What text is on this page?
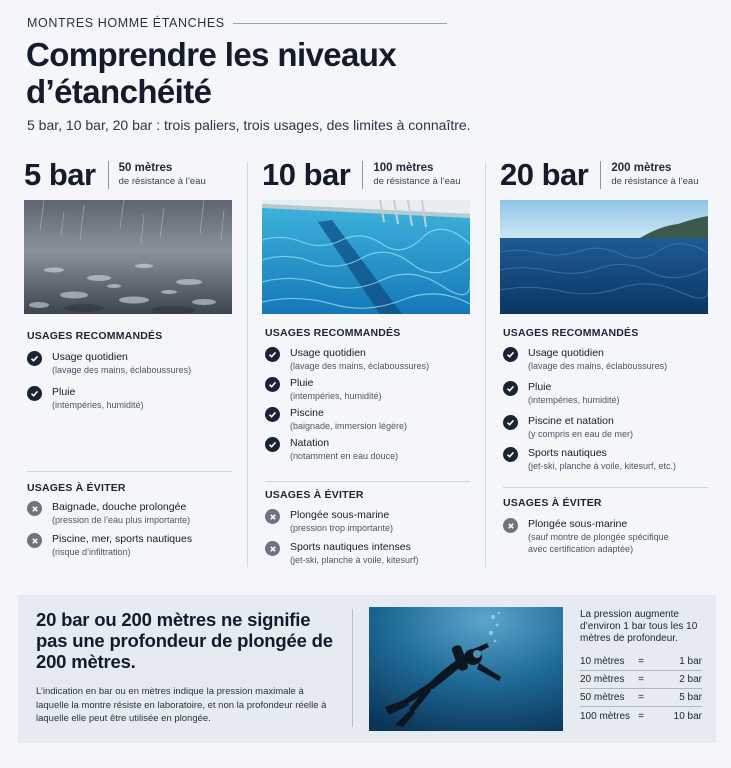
MONTRES HOMME ÉTANCHES
Comprendre les niveaux d’étanchéité
5 bar, 10 bar, 20 bar : trois paliers, trois usages, des limites à connaître.
5 bar 50 mètres
de résistance à l’eau
USAGES RECOMMANDÉS
Usage quotidien
(lavage des mains, éclaboussures)
Pluie
(intempéries, humidité)
USAGES À ÉVITER
Baignade, douche prolongée
(pression de l’eau plus importante)
Piscine, mer, sports nautiques
(risque d’infiltration)
10 bar 100 mètres
de résistance à l’eau
USAGES RECOMMANDÉS
Usage quotidien
(lavage des mains, éclaboussures)
Pluie
(intempéries, humidité)
Piscine
(baignade, immersion légère)
Natation
(notamment en eau douce)
USAGES À ÉVITER
Plongée sous-marine
(pression trop importante)
Sports nautiques intenses
(jet-ski, planche à voile, kitesurf)
20 bar 200 mètres
de résistance à l’eau
USAGES RECOMMANDÉS
Usage quotidien
(lavage des mains, éclaboussures)
Pluie
(intempéries, humidité)
Piscine et natation
(y compris en eau de mer)
Sports nautiques
(jet-ski, planche à voile, kitesurf, etc.)
USAGES À ÉVITER
Plongée sous-marine
(sauf montre de plongée spécifique
avec certification adaptée)
20 bar ou 200 mètres ne signifie pas une profondeur de plongée de 200 mètres.
L’indication en bar ou en mètres indique la pression maximale à laquelle la montre résiste en laboratoire, et non la profondeur réelle à laquelle elle peut être utilisée en plongée.
La pression augmente d’environ 1 bar tous les 10 mètres de profondeur.
10 mètres	=	1 bar
20 mètres	=	2 bar
50 mètres	=	5 bar
100 mètres =	10 bar
